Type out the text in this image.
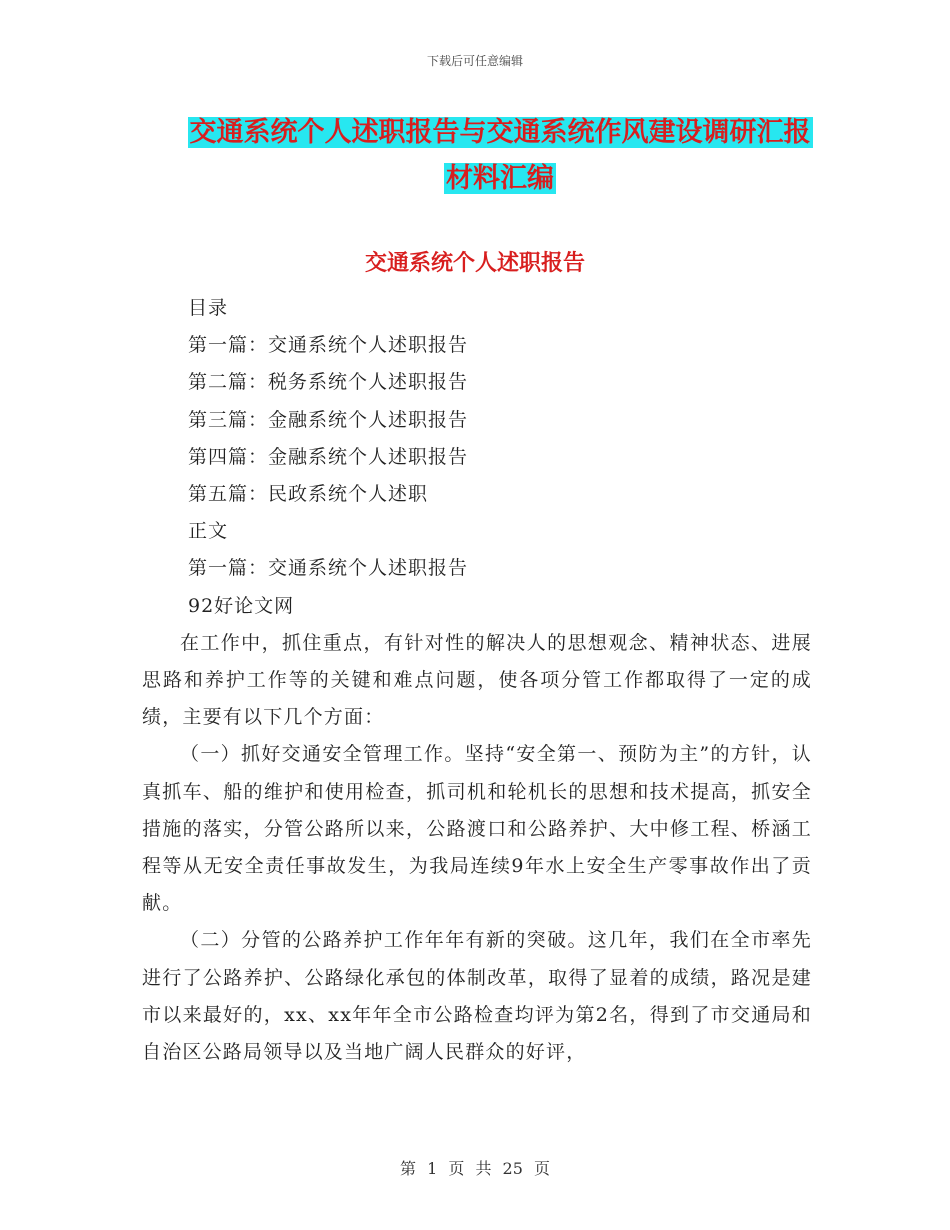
下载后可任意编辑
交通系统个人述职报告与交通系统作风建设调研汇报
材料汇编
交通系统个人述职报告
目录
第一篇：交通系统个人述职报告
第二篇：税务系统个人述职报告
第三篇：金融系统个人述职报告
第四篇：金融系统个人述职报告
第五篇：民政系统个人述职
正文
第一篇：交通系统个人述职报告
92好论文网

在工作中，抓住重点，有针对性的解决人的思想观念、精神状态、进展思路和养护工作等的关键和难点问题，使各项分管工作都取得了一定的成绩，主要有以下几个方面：

（一）抓好交通安全管理工作。坚持“安全第一、预防为主”的方针，认真抓车、船的维护和使用检查，抓司机和轮机长的思想和技术提高，抓安全措施的落实，分管公路所以来，公路渡口和公路养护、大中修工程、桥涵工程等从无安全责任事故发生，为我局连续9年水上安全生产零事故作出了贡献。

（二）分管的公路养护工作年年有新的突破。这几年，我们在全市率先进行了公路养护、公路绿化承包的体制改革，取得了显着的成绩，路况是建市以来最好的，xx、xx年年全市公路检查均评为第2名，得到了市交通局和自治区公路局领导以及当地广阔人民群众的好评，

第 1 页 共 25 页
